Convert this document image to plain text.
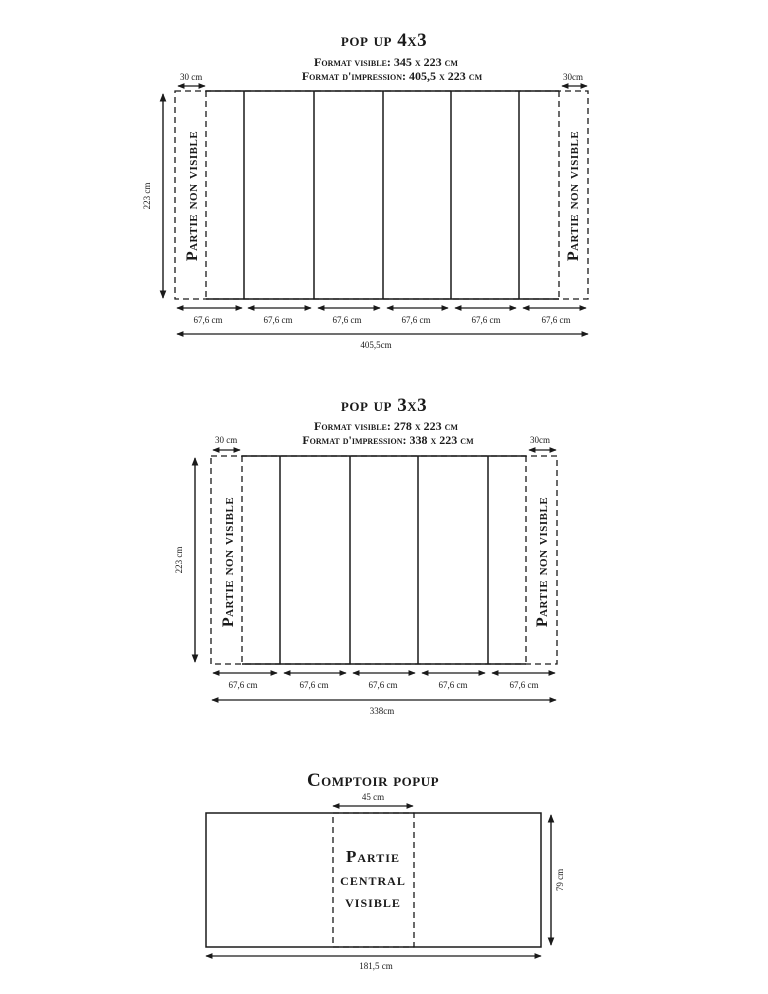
pop up 4x3
Format visible: 345 x 223 cm
Format d'impression: 405,5 x 223 cm
30 cm	30cm
223 cm Partie non visible	Partie non visible
67,6 cm	67,6 cm	67,6 cm	67,6 cm	67,6 cm	67,6 cm
405,5cm
pop up 3x3
Format visible: 278 x 223 cm
Format d'impression: 338 x 223 cm
30 cm	30cm
223 cm Partie non visible	Partie non visible
67,6 cm	67,6 cm	67,6 cm	67,6 cm	67,6 cm
338cm
Comptoir popup
45 cm
Partie
central
visible
79 cm
181,5 cm
